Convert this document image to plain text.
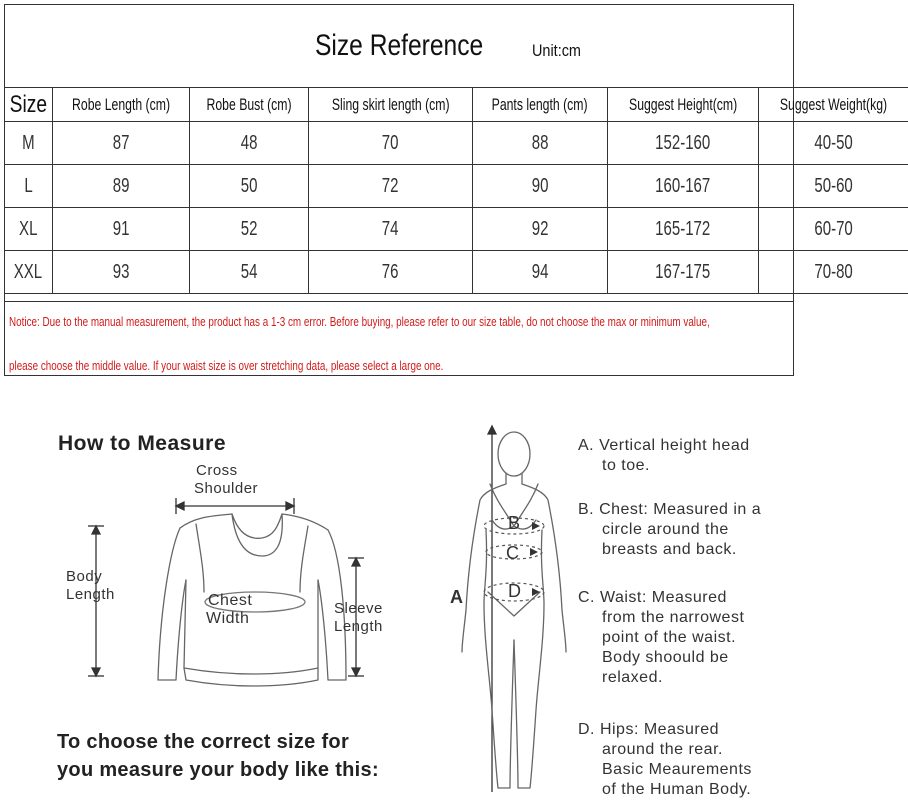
Size Reference	Unit:cm
Size	Robe Length (cm)	Robe Bust (cm)	Sling skirt length (cm)	Pants length (cm)	Suggest Height(cm)	Suggest Weight(kg)
M	87	48	70	88	152-160	40-50
L	89	50	72	90	160-167	50-60
XL	91	52	74	92	165-172	60-70
XXL	93	54	76	94	167-175	70-80

Notice: Due to the manual measurement, the product has a 1-3 cm error. Before buying, please refer to our size table, do not choose the max or minimum value,

please choose the middle value. If your waist size is over stretching data, please select a large one.

How to Measure
Cross
Shoulder
Body
Length	Chest
Width
Sleeve
Length
A
B
C
D
To choose the correct size for
you measure your body like this:
A. Vertical height head
to toe.
B. Chest: Measured in a
circle around the
breasts and back.
C. Waist: Measured
from the narrowest
point of the waist.
Body shoould be
relaxed.
D. Hips: Measured
around the rear.
Basic Meaurements
of the Human Body.
